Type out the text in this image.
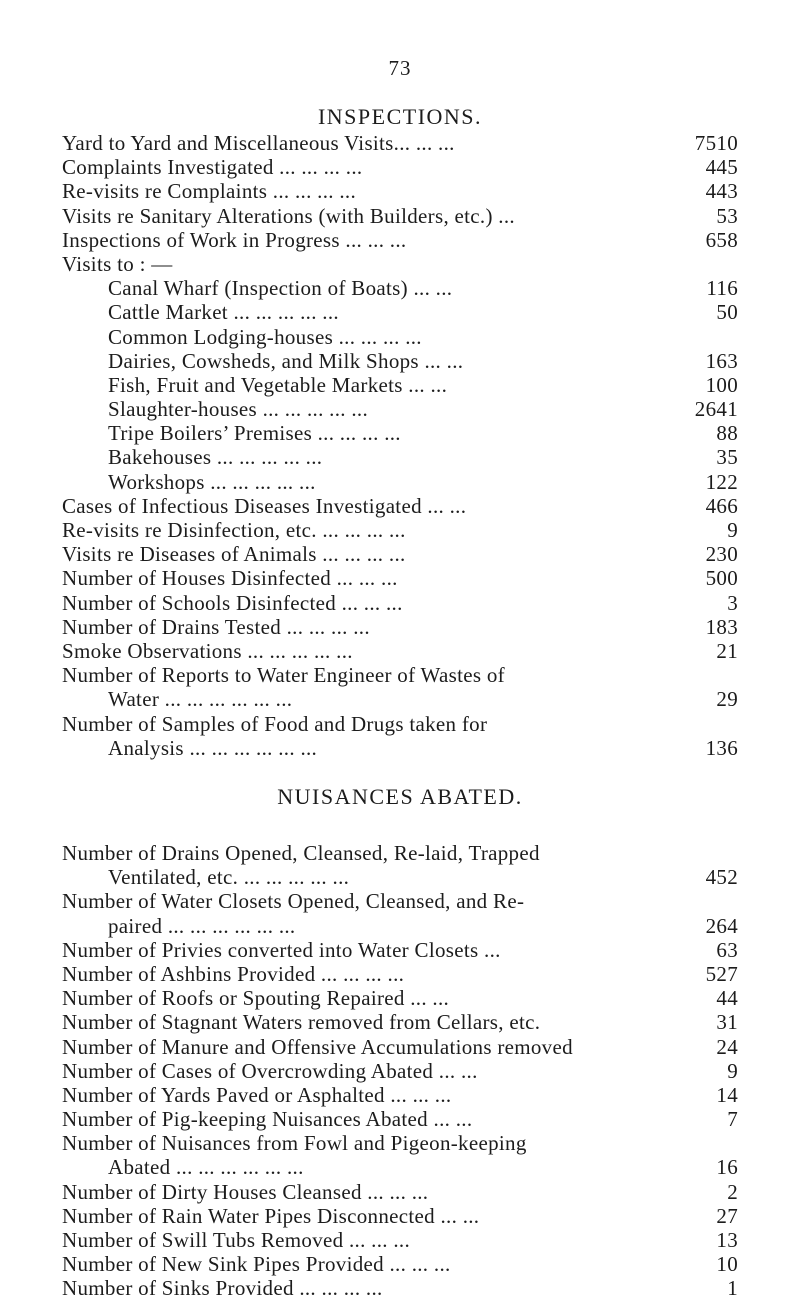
73
INSPECTIONS.
Yard to Yard and Miscellaneous Visits... ... ...	7510
Complaints Investigated ... ... ... ...	445
Re-visits re Complaints ... ... ... ...	443
Visits re Sanitary Alterations (with Builders, etc.) ...	53
Inspections of Work in Progress ... ... ...	658
Visits to : —
Canal Wharf (Inspection of Boats) ... ...	116
Cattle Market ... ... ... ... ...	50
Common Lodging-houses ... ... ... ...
Dairies, Cowsheds, and Milk Shops ... ...	163
Fish, Fruit and Vegetable Markets ... ...	100
Slaughter-houses ... ... ... ... ...	2641
Tripe Boilers’ Premises ... ... ... ...	88
Bakehouses ... ... ... ... ...	35
Workshops ... ... ... ... ...	122
Cases of Infectious Diseases Investigated ... ...	466
Re-visits re Disinfection, etc. ... ... ... ...	9
Visits re Diseases of Animals ... ... ... ...	230
Number of Houses Disinfected ... ... ...	500
Number of Schools Disinfected ... ... ...	3
Number of Drains Tested ... ... ... ...	183
Smoke Observations ... ... ... ... ...	21
Number of Reports to Water Engineer of Wastes of
Water ... ... ... ... ... ...	29
Number of Samples of Food and Drugs taken for
Analysis ... ... ... ... ... ...	136
NUISANCES ABATED.
Number of Drains Opened, Cleansed, Re-laid, Trapped
Ventilated, etc. ... ... ... ... ...	452
Number of Water Closets Opened, Cleansed, and Re-
paired ... ... ... ... ... ...	264
Number of Privies converted into Water Closets ...	63
Number of Ashbins Provided ... ... ... ...	527
Number of Roofs or Spouting Repaired ... ...	44
Number of Stagnant Waters removed from Cellars, etc.	31
Number of Manure and Offensive Accumulations removed	24
Number of Cases of Overcrowding Abated ... ...	9
Number of Yards Paved or Asphalted ... ... ...	14
Number of Pig-keeping Nuisances Abated ... ...	7
Number of Nuisances from Fowl and Pigeon-keeping
Abated ... ... ... ... ... ...	16
Number of Dirty Houses Cleansed ... ... ...	2
Number of Rain Water Pipes Disconnected ... ...	27
Number of Swill Tubs Removed ... ... ...	13
Number of New Sink Pipes Provided ... ... ...	10
Number of Sinks Provided ... ... ... ...	1
